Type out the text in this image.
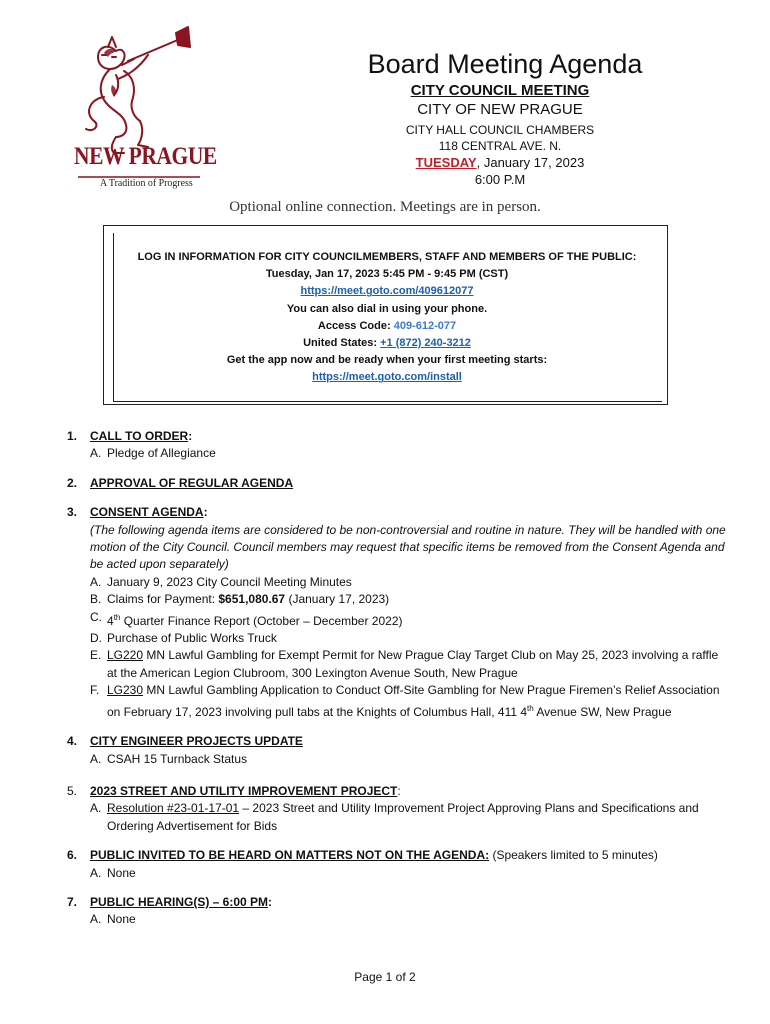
NEW PRAGUE
A Tradition of Progress
Board Meeting Agenda
CITY COUNCIL MEETING
CITY OF NEW PRAGUE
CITY HALL COUNCIL CHAMBERS
118 CENTRAL AVE. N.
TUESDAY, January 17, 2023
6:00 P.M
Optional online connection. Meetings are in person.
LOG IN INFORMATION FOR CITY COUNCILMEMBERS, STAFF AND MEMBERS OF THE PUBLIC:
Tuesday, Jan 17, 2023 5:45 PM - 9:45 PM (CST)
https://meet.goto.com/409612077
You can also dial in using your phone.
Access Code: 409-612-077
United States: +1 (872) 240-3212
Get the app now and be ready when your first meeting starts:
https://meet.goto.com/install
1. CALL TO ORDER:
A. Pledge of Allegiance
2. APPROVAL OF REGULAR AGENDA
3. CONSENT AGENDA:
(The following agenda items are considered to be non-controversial and routine in nature. They will be handled with one motion of the City Council. Council members may request that specific items be removed from the Consent Agenda and be acted upon separately)
A. January 9, 2023 City Council Meeting Minutes
B. Claims for Payment: $651,080.67 (January 17, 2023)
C. 4th Quarter Finance Report (October – December 2022)
D. Purchase of Public Works Truck
E. LG220 MN Lawful Gambling for Exempt Permit for New Prague Clay Target Club on May 25, 2023 involving a raffle at the American Legion Clubroom, 300 Lexington Avenue South, New Prague
F. LG230 MN Lawful Gambling Application to Conduct Off-Site Gambling for New Prague Firemen’s Relief Association on February 17, 2023 involving pull tabs at the Knights of Columbus Hall, 411 4th Avenue SW, New Prague
4. CITY ENGINEER PROJECTS UPDATE
A. CSAH 15 Turnback Status
5. 2023 STREET AND UTILITY IMPROVEMENT PROJECT:
A. Resolution #23-01-17-01 – 2023 Street and Utility Improvement Project Approving Plans and Specifications and Ordering Advertisement for Bids
6. PUBLIC INVITED TO BE HEARD ON MATTERS NOT ON THE AGENDA: (Speakers limited to 5 minutes)
A. None
7. PUBLIC HEARING(S) – 6:00 PM:
A. None
Page 1 of 2
